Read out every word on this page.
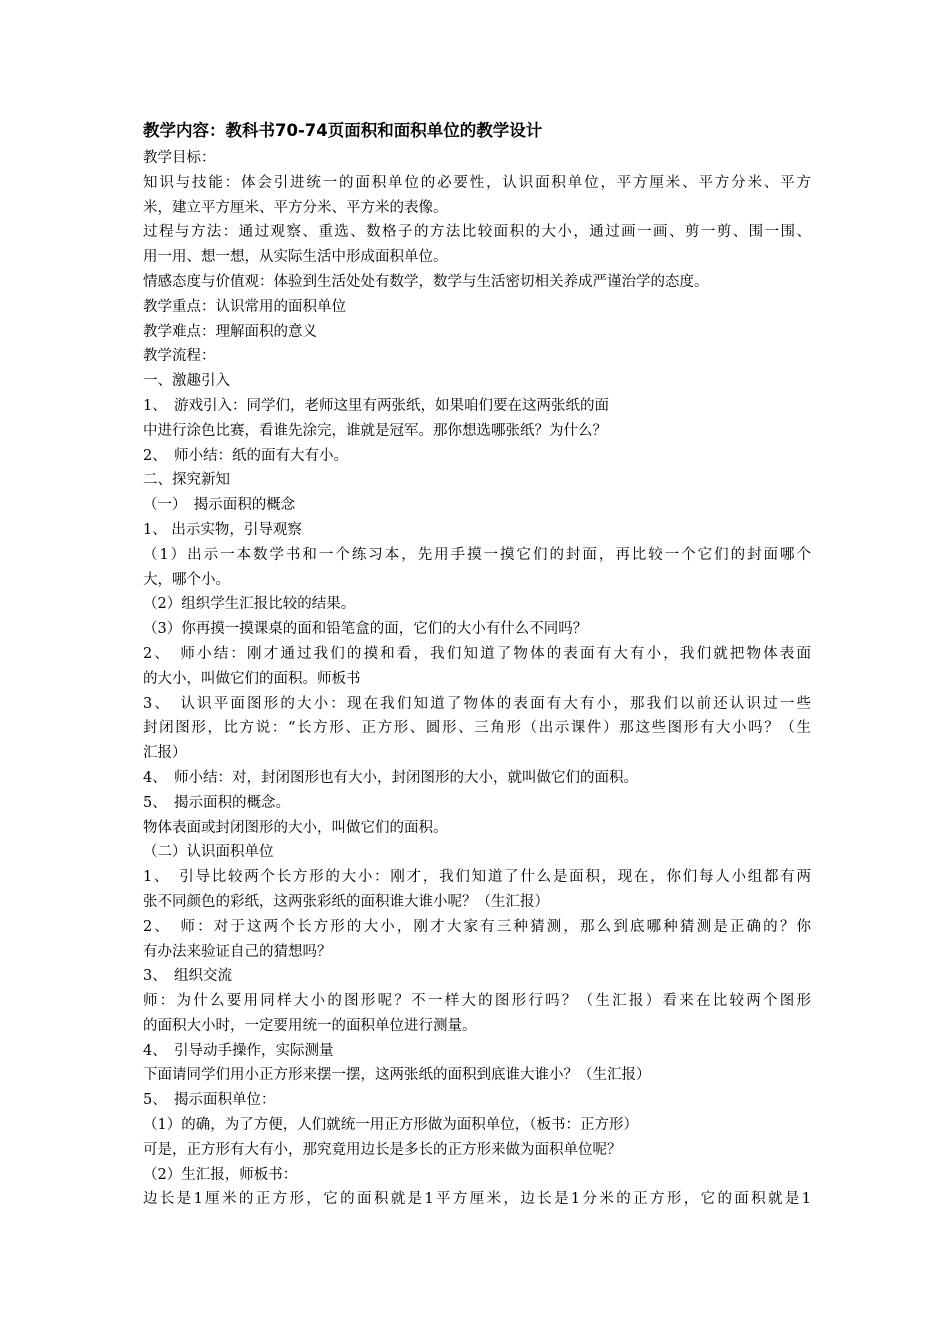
教学内容：教科书70-74页面积和面积单位的教学设计
教学目标：
知识与技能：体会引进统一的面积单位的必要性，认识面积单位，平方厘米、平方分米、平方
米，建立平方厘米、平方分米、平方米的表像。
过程与方法：通过观察、重选、数格子的方法比较面积的大小，通过画一画、剪一剪、围一围、
用一用、想一想，从实际生活中形成面积单位。
情感态度与价值观：体验到生活处处有数学，数学与生活密切相关养成严谨治学的态度。
教学重点：认识常用的面积单位
教学难点：理解面积的意义
教学流程：
一、激趣引入
1、　游戏引入：同学们，老师这里有两张纸，如果咱们要在这两张纸的面
中进行涂色比赛，看谁先涂完，谁就是冠军。那你想选哪张纸？为什么？
2、　师小结：纸的面有大有小。
二、探究新知
（一）　揭示面积的概念
1、 出示实物，引导观察
（1）出示一本数学书和一个练习本，先用手摸一摸它们的封面，再比较一个它们的封面哪个
大，哪个小。
（2）组织学生汇报比较的结果。
（3）你再摸一摸课桌的面和铅笔盒的面，它们的大小有什么不同吗？
2、　师小结：刚才通过我们的摸和看，我们知道了物体的表面有大有小，我们就把物体表面
的大小，叫做它们的面积。师板书
3、　认识平面图形的大小：现在我们知道了物体的表面有大有小，那我们以前还认识过一些
封闭图形，比方说：“长方形、正方形、圆形、三角形（出示课件）那这些图形有大小吗？（生
汇报）
4、　师小结：对，封闭图形也有大小，封闭图形的大小，就叫做它们的面积。
5、　揭示面积的概念。
物体表面或封闭图形的大小，叫做它们的面积。
（二）认识面积单位
1、　引导比较两个长方形的大小：刚才，我们知道了什么是面积，现在，你们每人小组都有两
张不同颜色的彩纸，这两张彩纸的面积谁大谁小呢？（生汇报）
2、　师：对于这两个长方形的大小，刚才大家有三种猜测，那么到底哪种猜测是正确的？你
有办法来验证自己的猜想吗？
3、　组织交流
师：为什么要用同样大小的图形呢？不一样大的图形行吗？（生汇报）看来在比较两个图形
的面积大小时，一定要用统一的面积单位进行测量。
4、　引导动手操作，实际测量
下面请同学们用小正方形来摆一摆，这两张纸的面积到底谁大谁小？（生汇报）
5、　揭示面积单位：
（1）的确，为了方便，人们就统一用正方形做为面积单位，（板书：正方形）
可是，正方形有大有小，那究竟用边长是多长的正方形来做为面积单位呢？
（2）生汇报，师板书：
边长是1厘米的正方形，它的面积就是1平方厘米，边长是1分米的正方形，它的面积就是1
